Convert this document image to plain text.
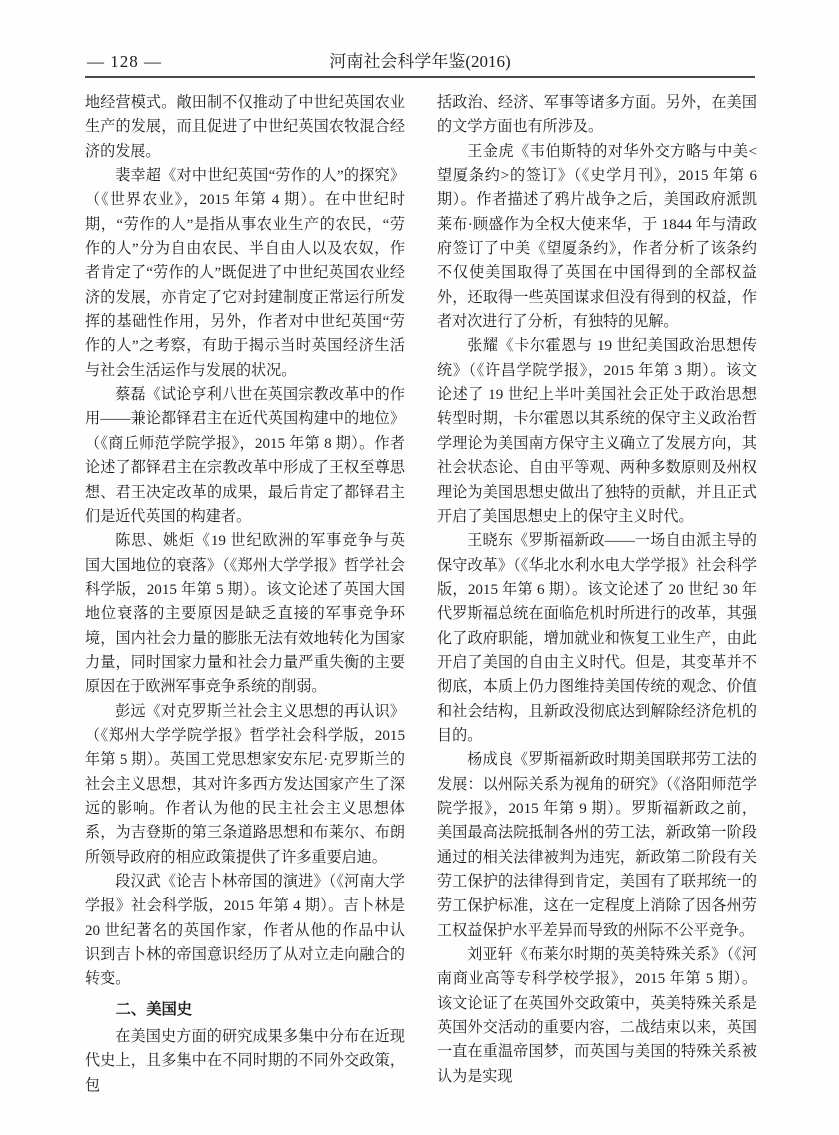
— 128 —	河南社会科学年鉴(2016)

地经营模式。敞田制不仅推动了中世纪英国农业生产的发展，而且促进了中世纪英国农牧混合经济的发展。

裴幸超《对中世纪英国“劳作的人”的探究》（《世界农业》，2015 年第 4 期）。在中世纪时期，“劳作的人”是指从事农业生产的农民，“劳作的人”分为自由农民、半自由人以及农奴，作者肯定了“劳作的人”既促进了中世纪英国农业经济的发展，亦肯定了它对封建制度正常运行所发挥的基础性作用，另外，作者对中世纪英国“劳作的人”之考察，有助于揭示当时英国经济生活与社会生活运作与发展的状况。

蔡磊《试论亨利八世在英国宗教改革中的作用——兼论都铎君主在近代英国构建中的地位》（《商丘师范学院学报》，2015 年第 8 期）。作者论述了都铎君主在宗教改革中形成了王权至尊思想、君王决定改革的成果，最后肯定了都铎君主们是近代英国的构建者。

陈思、姚炬《19 世纪欧洲的军事竞争与英国大国地位的衰落》（《郑州大学学报》哲学社会科学版，2015 年第 5 期）。该文论述了英国大国地位衰落的主要原因是缺乏直接的军事竞争环境，国内社会力量的膨胀无法有效地转化为国家力量，同时国家力量和社会力量严重失衡的主要原因在于欧洲军事竞争系统的削弱。

彭远《对克罗斯兰社会主义思想的再认识》（《郑州大学学院学报》哲学社会科学版，2015 年第 5 期）。英国工党思想家安东尼·克罗斯兰的社会主义思想，其对许多西方发达国家产生了深远的影响。作者认为他的民主社会主义思想体系，为吉登斯的第三条道路思想和布莱尔、布朗所领导政府的相应政策提供了许多重要启迪。

段汉武《论吉卜林帝国的演进》（《河南大学学报》社会科学版，2015 年第 4 期）。吉卜林是 20 世纪著名的英国作家，作者从他的作品中认识到吉卜林的帝国意识经历了从对立走向融合的转变。

二、美国史

在美国史方面的研究成果多集中分布在近现代史上，且多集中在不同时期的不同外交政策，包

括政治、经济、军事等诸多方面。另外，在美国的文学方面也有所涉及。

王金虎《韦伯斯特的对华外交方略与中美<望厦条约>的签订》（《史学月刊》，2015 年第 6 期）。作者描述了鸦片战争之后，美国政府派凯莱布·顾盛作为全权大使来华，于 1844 年与清政府签订了中美《望厦条约》，作者分析了该条约不仅使美国取得了英国在中国得到的全部权益外，还取得一些英国谋求但没有得到的权益，作者对次进行了分析，有独特的见解。

张耀《卡尔霍恩与 19 世纪美国政治思想传统》（《许昌学院学报》，2015 年第 3 期）。该文论述了 19 世纪上半叶美国社会正处于政治思想转型时期，卡尔霍恩以其系统的保守主义政治哲学理论为美国南方保守主义确立了发展方向，其社会状态论、自由平等观、两种多数原则及州权理论为美国思想史做出了独特的贡献，并且正式开启了美国思想史上的保守主义时代。

王晓东《罗斯福新政——一场自由派主导的保守改革》（《华北水利水电大学学报》社会科学版，2015 年第 6 期）。该文论述了 20 世纪 30 年代罗斯福总统在面临危机时所进行的改革，其强化了政府职能，增加就业和恢复工业生产，由此开启了美国的自由主义时代。但是，其变革并不彻底，本质上仍力图维持美国传统的观念、价值和社会结构，且新政没彻底达到解除经济危机的目的。

杨成良《罗斯福新政时期美国联邦劳工法的发展：以州际关系为视角的研究》（《洛阳师范学院学报》，2015 年第 9 期）。罗斯福新政之前，美国最高法院抵制各州的劳工法，新政第一阶段通过的相关法律被判为违宪，新政第二阶段有关劳工保护的法律得到肯定，美国有了联邦统一的劳工保护标准，这在一定程度上消除了因各州劳工权益保护水平差异而导致的州际不公平竞争。

刘亚轩《布莱尔时期的英美特殊关系》（《河南商业高等专科学校学报》，2015 年第 5 期）。该文论证了在英国外交政策中，英美特殊关系是英国外交活动的重要内容，二战结束以来，英国一直在重温帝国梦，而英国与美国的特殊关系被认为是实现
